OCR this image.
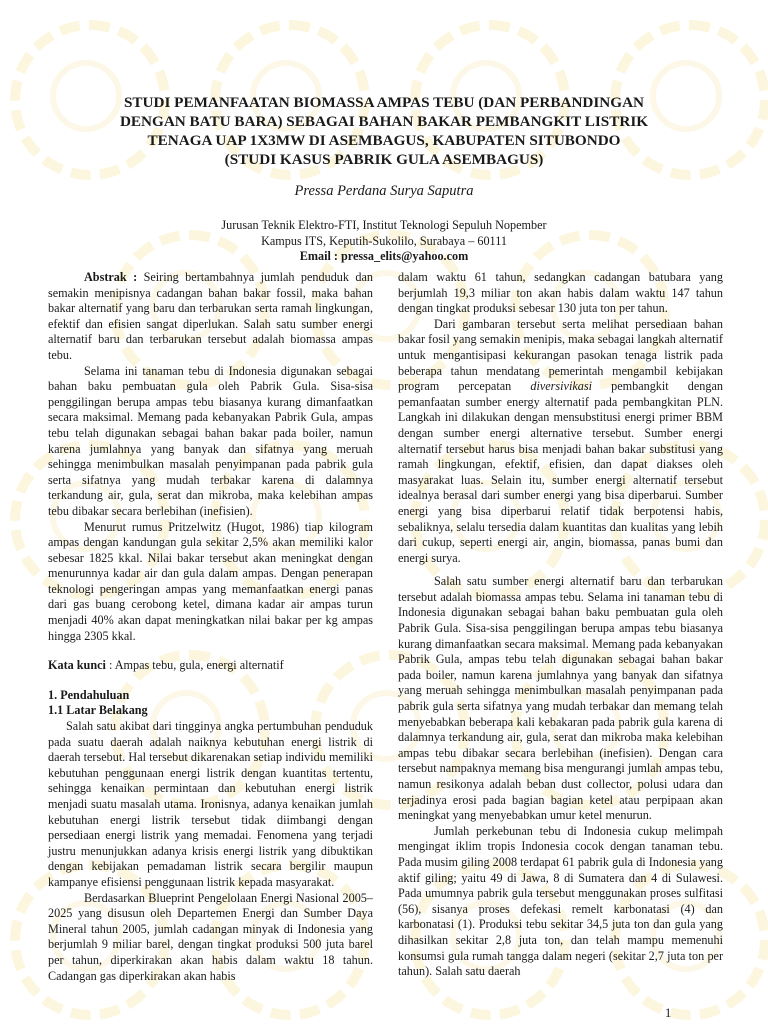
STUDI PEMANFAATAN BIOMASSA AMPAS TEBU (DAN PERBANDINGAN
DENGAN BATU BARA) SEBAGAI BAHAN BAKAR PEMBANGKIT LISTRIK
TENAGA UAP 1X3MW DI ASEMBAGUS, KABUPATEN SITUBONDO
(STUDI KASUS PABRIK GULA ASEMBAGUS)

Pressa Perdana Surya Saputra

Jurusan Teknik Elektro-FTI, Institut Teknologi Sepuluh Nopember
Kampus ITS, Keputih-Sukolilo, Surabaya – 60111
Email : pressa_elits@yahoo.com

Abstrak : Seiring bertambahnya jumlah penduduk dan semakin menipisnya cadangan bahan bakar fossil, maka bahan bakar alternatif yang baru dan terbarukan serta ramah lingkungan, efektif dan efisien sangat diperlukan. Salah satu sumber energi alternatif baru dan terbarukan tersebut adalah biomassa ampas tebu.

Selama ini tanaman tebu di Indonesia digunakan sebagai bahan baku pembuatan gula oleh Pabrik Gula. Sisa-sisa penggilingan berupa ampas tebu biasanya kurang dimanfaatkan secara maksimal. Memang pada kebanyakan Pabrik Gula, ampas tebu telah digunakan sebagai bahan bakar pada boiler, namun karena jumlahnya yang banyak dan sifatnya yang meruah sehingga menimbulkan masalah penyimpanan pada pabrik gula serta sifatnya yang mudah terbakar karena di dalamnya terkandung air, gula, serat dan mikroba, maka kelebihan ampas tebu dibakar secara berlebihan (inefisien).

Menurut rumus Pritzelwitz (Hugot, 1986) tiap kilogram ampas dengan kandungan gula sekitar 2,5% akan memiliki kalor sebesar 1825 kkal. Nilai bakar tersebut akan meningkat dengan menurunnya kadar air dan gula dalam ampas. Dengan penerapan teknologi pengeringan ampas yang memanfaatkan energi panas dari gas buang cerobong ketel, dimana kadar air ampas turun menjadi 40% akan dapat meningkatkan nilai bakar per kg ampas hingga 2305 kkal.

Kata kunci : Ampas tebu, gula, energi alternatif

1. Pendahuluan

1.1 Latar Belakang

Salah satu akibat dari tingginya angka pertumbuhan penduduk pada suatu daerah adalah naiknya kebutuhan energi listrik di daerah tersebut. Hal tersebut dikarenakan setiap individu memiliki kebutuhan penggunaan energi listrik dengan kuantitas tertentu, sehingga kenaikan permintaan dan kebutuhan energi listrik menjadi suatu masalah utama. Ironisnya, adanya kenaikan jumlah kebutuhan energi listrik tersebut tidak diimbangi dengan persediaan energi listrik yang memadai. Fenomena yang terjadi justru menunjukkan adanya krisis energi listrik yang dibuktikan dengan kebijakan pemadaman listrik secara bergilir maupun kampanye efisiensi penggunaan listrik kepada masyarakat.

Berdasarkan Blueprint Pengelolaan Energi Nasional 2005–2025 yang disusun oleh Departemen Energi dan Sumber Daya Mineral tahun 2005, jumlah cadangan minyak di Indonesia yang berjumlah 9 miliar barel, dengan tingkat produksi 500 juta barel per tahun, diperkirakan akan habis dalam waktu 18 tahun. Cadangan gas diperkirakan akan habis

dalam waktu 61 tahun, sedangkan cadangan batubara yang berjumlah 19,3 miliar ton akan habis dalam waktu 147 tahun dengan tingkat produksi sebesar 130 juta ton per tahun.

Dari gambaran tersebut serta melihat persediaan bahan bakar fosil yang semakin menipis, maka sebagai langkah alternatif untuk mengantisipasi kekurangan pasokan tenaga listrik pada beberapa tahun mendatang pemerintah mengambil kebijakan program percepatan diversivikasi pembangkit dengan pemanfaatan sumber energy alternatif pada pembangkitan PLN. Langkah ini dilakukan dengan mensubstitusi energi primer BBM dengan sumber energi alternative tersebut. Sumber energi alternatif tersebut harus bisa menjadi bahan bakar substitusi yang ramah lingkungan, efektif, efisien, dan dapat diakses oleh masyarakat luas. Selain itu, sumber energi alternatif tersebut idealnya berasal dari sumber energi yang bisa diperbarui. Sumber energi yang bisa diperbarui relatif tidak berpotensi habis, sebaliknya, selalu tersedia dalam kuantitas dan kualitas yang lebih dari cukup, seperti energi air, angin, biomassa, panas bumi dan energi surya.

Salah satu sumber energi alternatif baru dan terbarukan tersebut adalah biomassa ampas tebu. Selama ini tanaman tebu di Indonesia digunakan sebagai bahan baku pembuatan gula oleh Pabrik Gula. Sisa-sisa penggilingan berupa ampas tebu biasanya kurang dimanfaatkan secara maksimal. Memang pada kebanyakan Pabrik Gula, ampas tebu telah digunakan sebagai bahan bakar pada boiler, namun karena jumlahnya yang banyak dan sifatnya yang meruah sehingga menimbulkan masalah penyimpanan pada pabrik gula serta sifatnya yang mudah terbakar dan memang telah menyebabkan beberapa kali kebakaran pada pabrik gula karena di dalamnya terkandung air, gula, serat dan mikroba maka kelebihan ampas tebu dibakar secara berlebihan (inefisien). Dengan cara tersebut nampaknya memang bisa mengurangi jumlah ampas tebu, namun resikonya adalah beban dust collector, polusi udara dan terjadinya erosi pada bagian bagian ketel atau perpipaan akan meningkat yang menyebabkan umur ketel menurun.

Jumlah perkebunan tebu di Indonesia cukup melimpah mengingat iklim tropis Indonesia cocok dengan tanaman tebu. Pada musim giling 2008 terdapat 61 pabrik gula di Indonesia yang aktif giling; yaitu 49 di Jawa, 8 di Sumatera dan 4 di Sulawesi. Pada umumnya pabrik gula tersebut menggunakan proses sulfitasi (56), sisanya proses defekasi remelt karbonatasi (4) dan karbonatasi (1). Produksi tebu sekitar 34,5 juta ton dan gula yang dihasilkan sekitar 2,8 juta ton, dan telah mampu memenuhi konsumsi gula rumah tangga dalam negeri (sekitar 2,7 juta ton per tahun). Salah satu daerah

1
